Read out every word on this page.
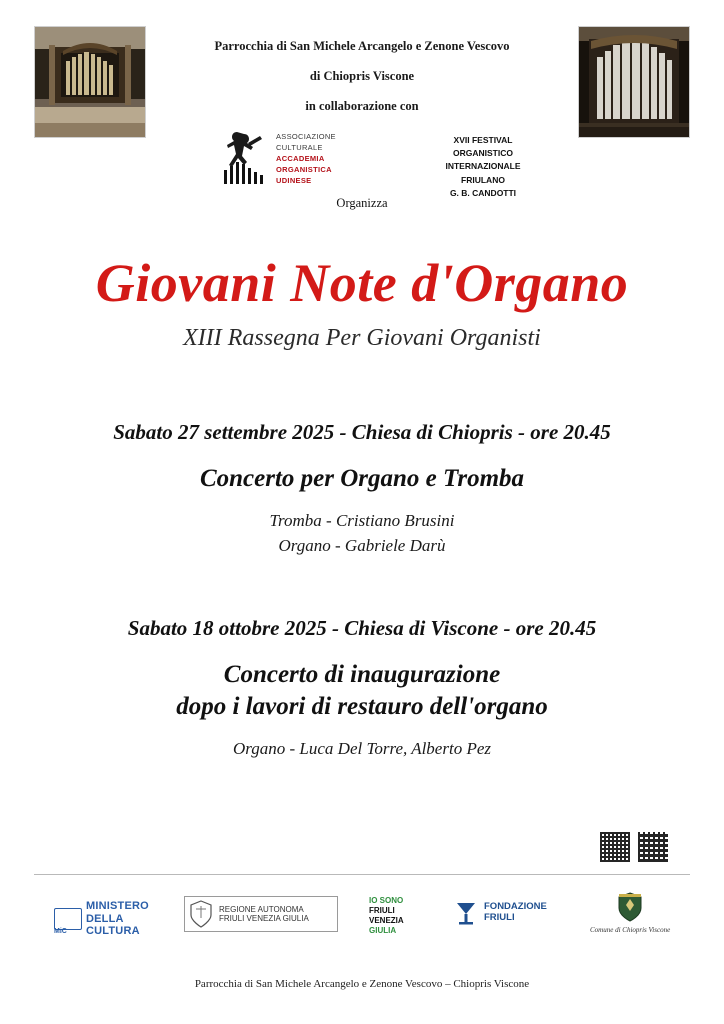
Parrocchia di San Michele Arcangelo e Zenone Vescovo
di Chiopris Viscone
in collaborazione con
ASSOCIAZIONE
CULTURALE
ACCADEMIA
ORGANISTICA
UDINESE
XVII FESTIVAL
ORGANISTICO
INTERNAZIONALE
FRIULANO
G. B. CANDOTTI
Organizza
Giovani Note d'Organo
XIII Rassegna Per Giovani Organisti
Sabato 27 settembre 2025 - Chiesa di Chiopris - ore 20.45
Concerto per Organo e Tromba
Tromba - Cristiano Brusini
Organo - Gabriele Darù
Sabato 18 ottobre 2025 - Chiesa di Viscone - ore 20.45
Concerto di inaugurazione
dopo i lavori di restauro dell'organo
Organo - Luca Del Torre, Alberto Pez
MiC
MINISTERO
DELLA
CULTURA
REGIONE AUTONOMA
FRIULI VENEZIA GIULIA
IO SONO
FRIULI
VENEZIA
GIULIA
FONDAZIONE
FRIULI
Comune di Chiopris Viscone
Parrocchia di San Michele Arcangelo e Zenone Vescovo – Chiopris Viscone
